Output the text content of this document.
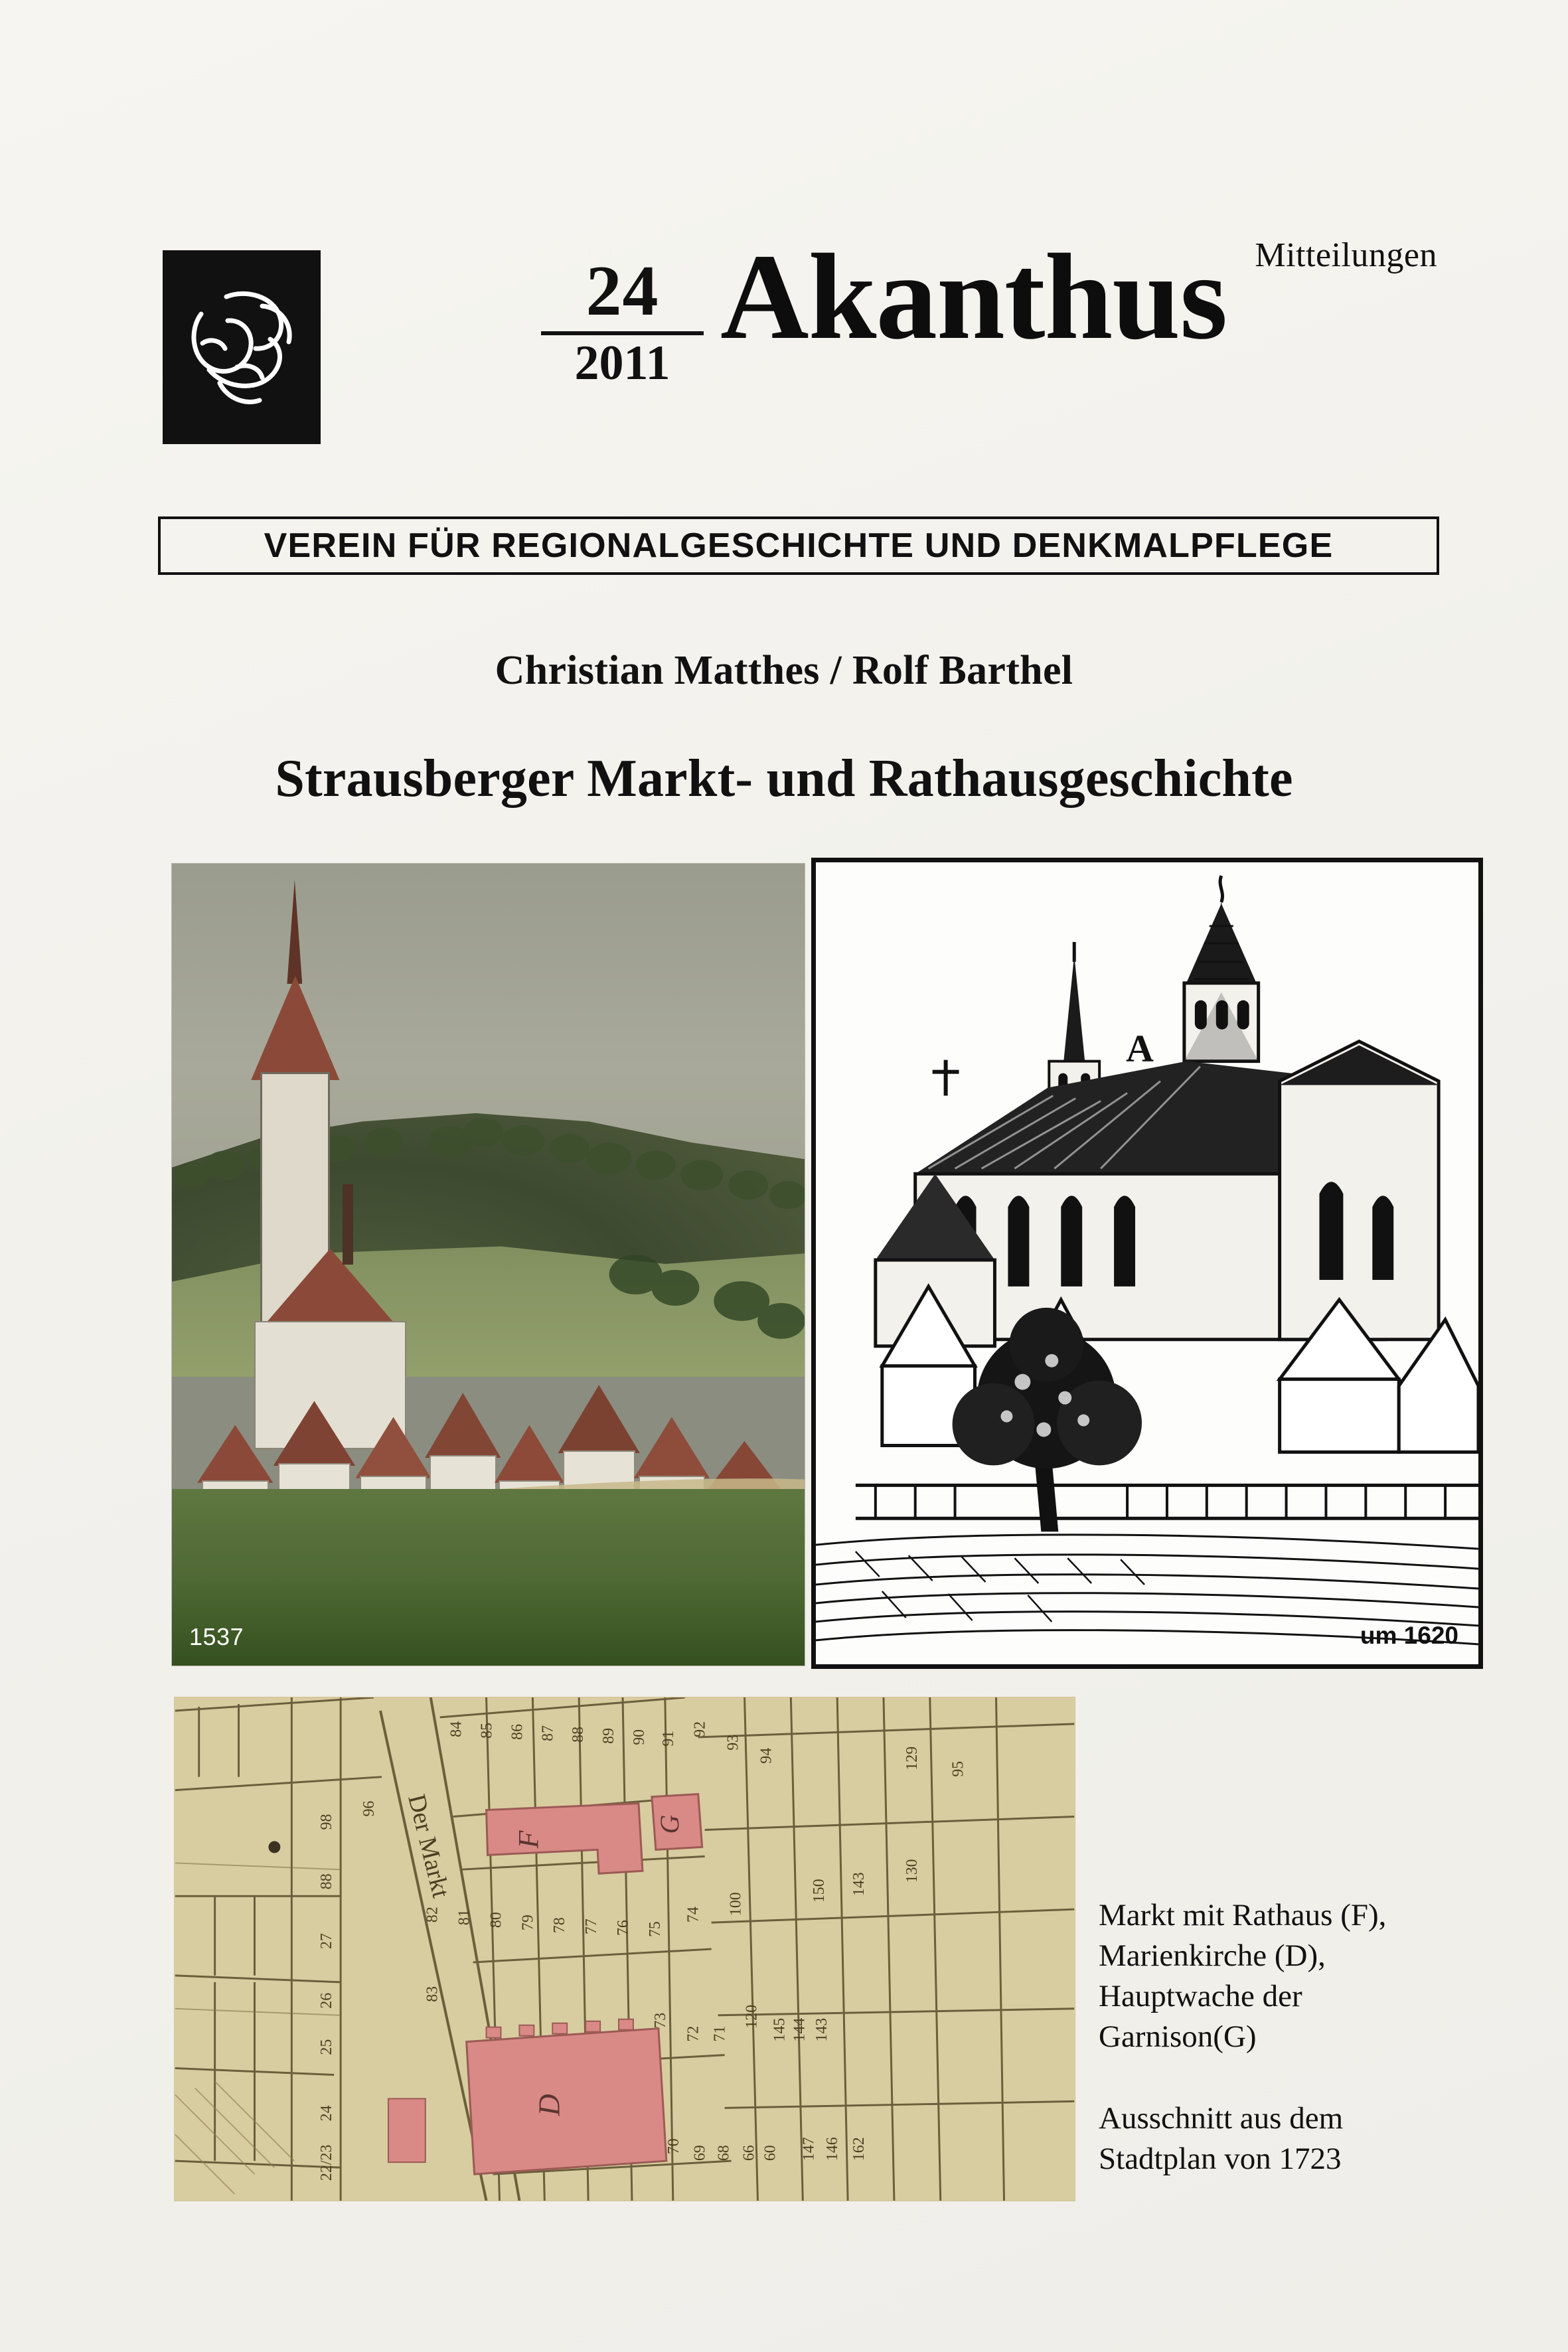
24
2011 Akanthus Mitteilungen
VEREIN FÜR REGIONALGESCHICHTE UND DENKMALPFLEGE
Christian Matthes / Rolf Barthel
Strausberger Markt- und Rathausgeschichte
1537
A
um 1620
Der Markt F
G
D
84 85 86 87 88 89 90 91
92
93
94	129 95
130
143
150
82 81 80 79 78 77 76 75
74 100
83
96
98
88
27
26
25
24
22/23
73
72 71
120
145 144 143
70 69 68 66 60 147 146 162
Markt mit Rathaus (F),
Marienkirche (D),
Hauptwache der
Garnison(G)
Ausschnitt aus dem
Stadtplan von 1723
